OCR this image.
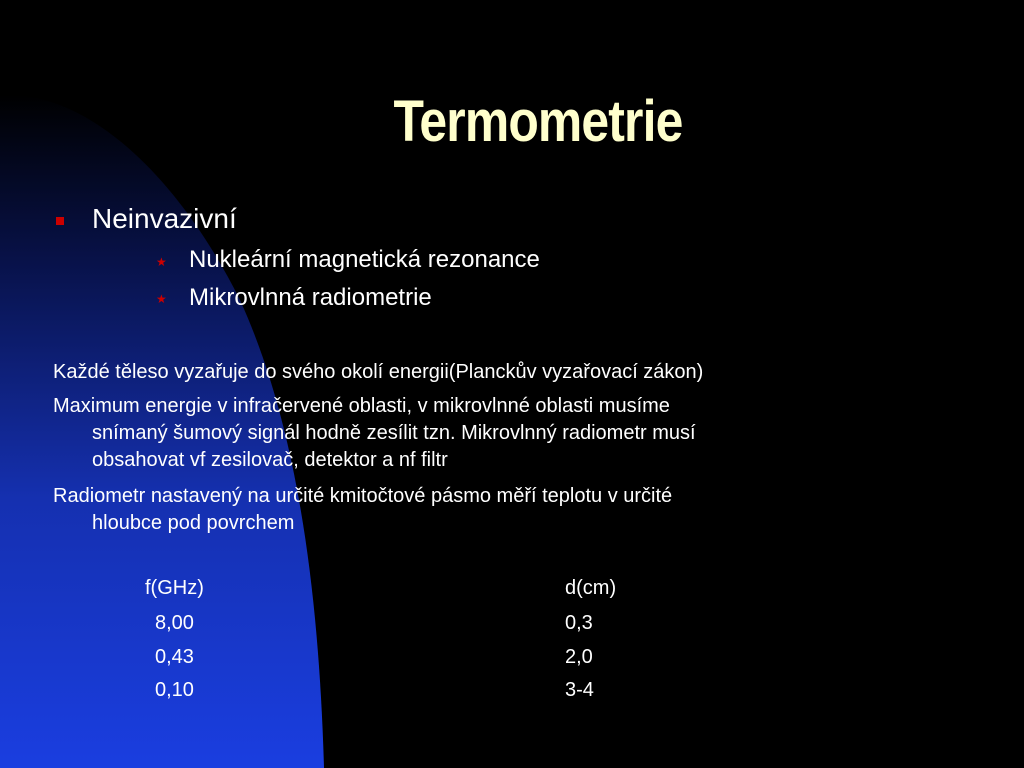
Termometrie
Neinvazivní
★ Nukleární magnetická rezonance
★ Mikrovlnná radiometrie
Každé těleso vyzařuje do svého okolí energii(Planckův vyzařovací zákon)
Maximum energie v infračervené oblasti, v mikrovlnné oblasti musíme
snímaný šumový signál hodně zesílit tzn. Mikrovlnný radiometr musí
obsahovat vf zesilovač, detektor a nf filtr
Radiometr nastavený na určité kmitočtové pásmo měří teplotu v určité
hloubce pod povrchem
f(GHz)	d(cm)
8,00	0,3
0,43	2,0
0,10	3-4
